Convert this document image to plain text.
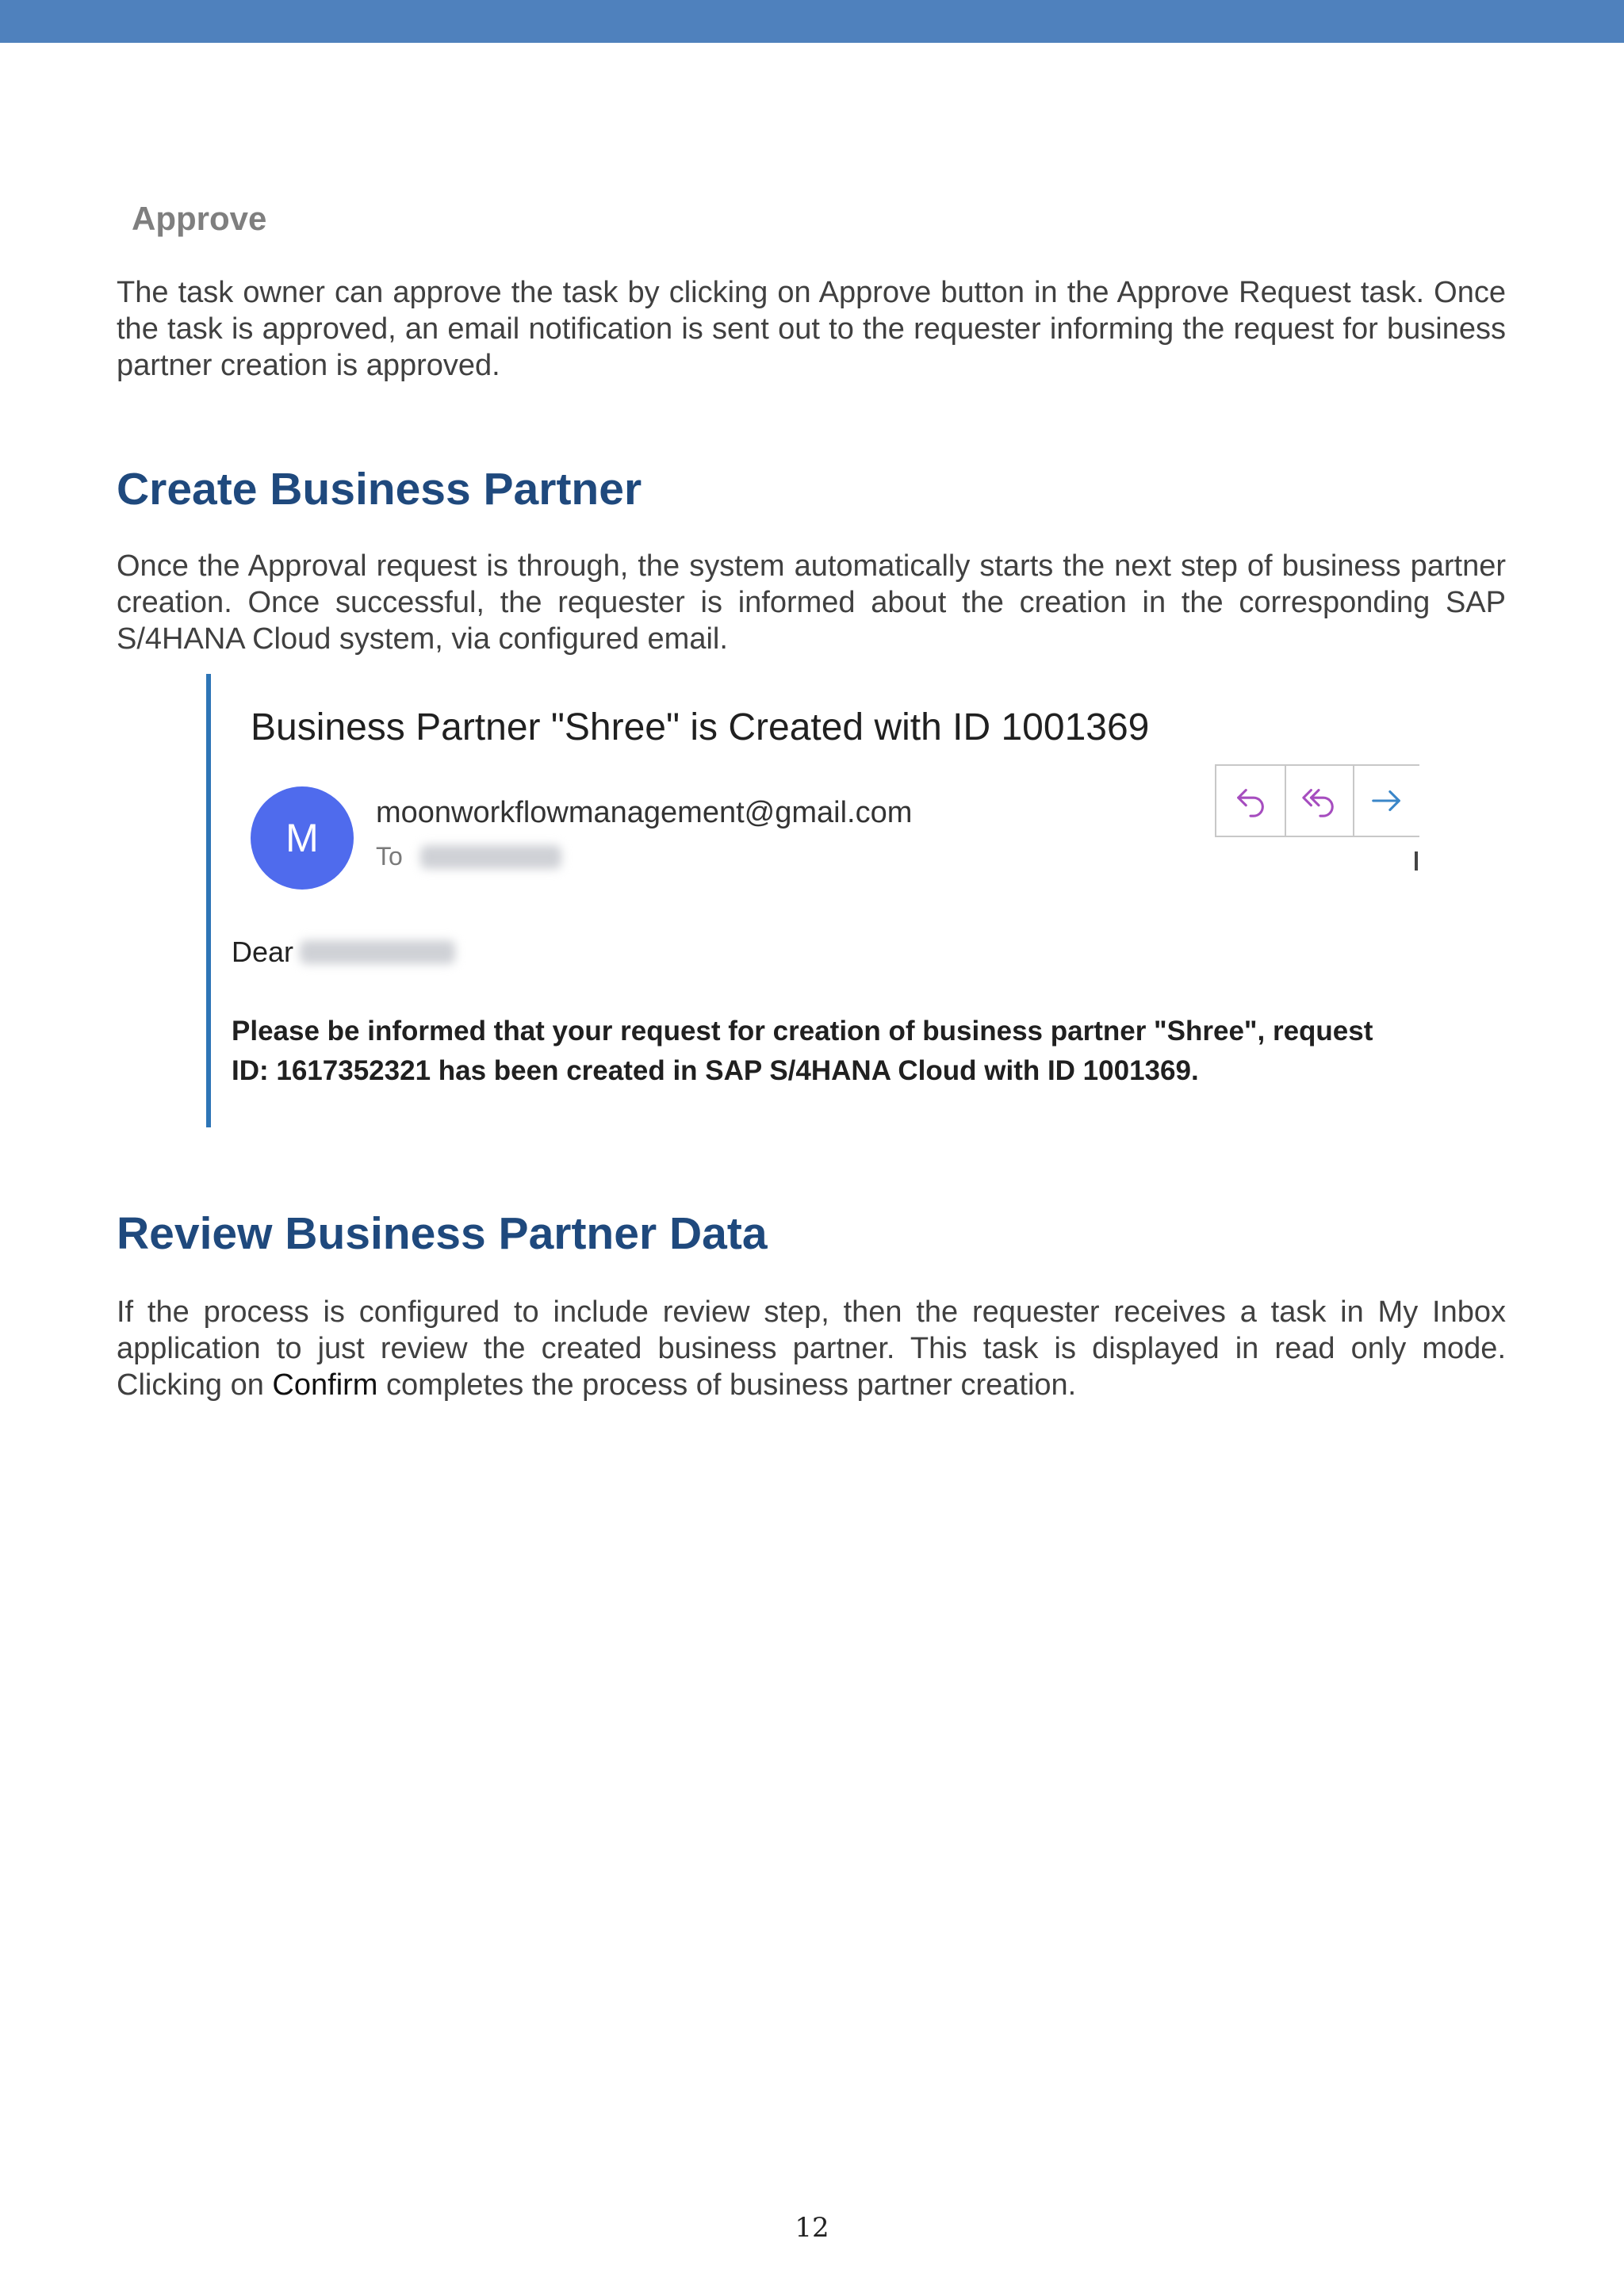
Approve

The task owner can approve the task by clicking on Approve button in the Approve Request task. Once the task is approved, an email notification is sent out to the requester informing the request for business partner creation is approved.

Create Business Partner

Once the Approval request is through, the system automatically starts the next step of business partner creation. Once successful, the requester is informed about the creation in the corresponding SAP S/4HANA Cloud system, via configured email.

Business Partner "Shree" is Created with ID 1001369
M
moonworkflowmanagement@gmail.com
To
Dear

Please be informed that your request for creation of business partner "Shree", request ID: 1617352321 has been created in SAP S/4HANA Cloud with ID 1001369.

Review Business Partner Data

If the process is configured to include review step, then the requester receives a task in My Inbox application to just review the created business partner. This task is displayed in read only mode. Clicking on Confirm completes the process of business partner creation.

12
